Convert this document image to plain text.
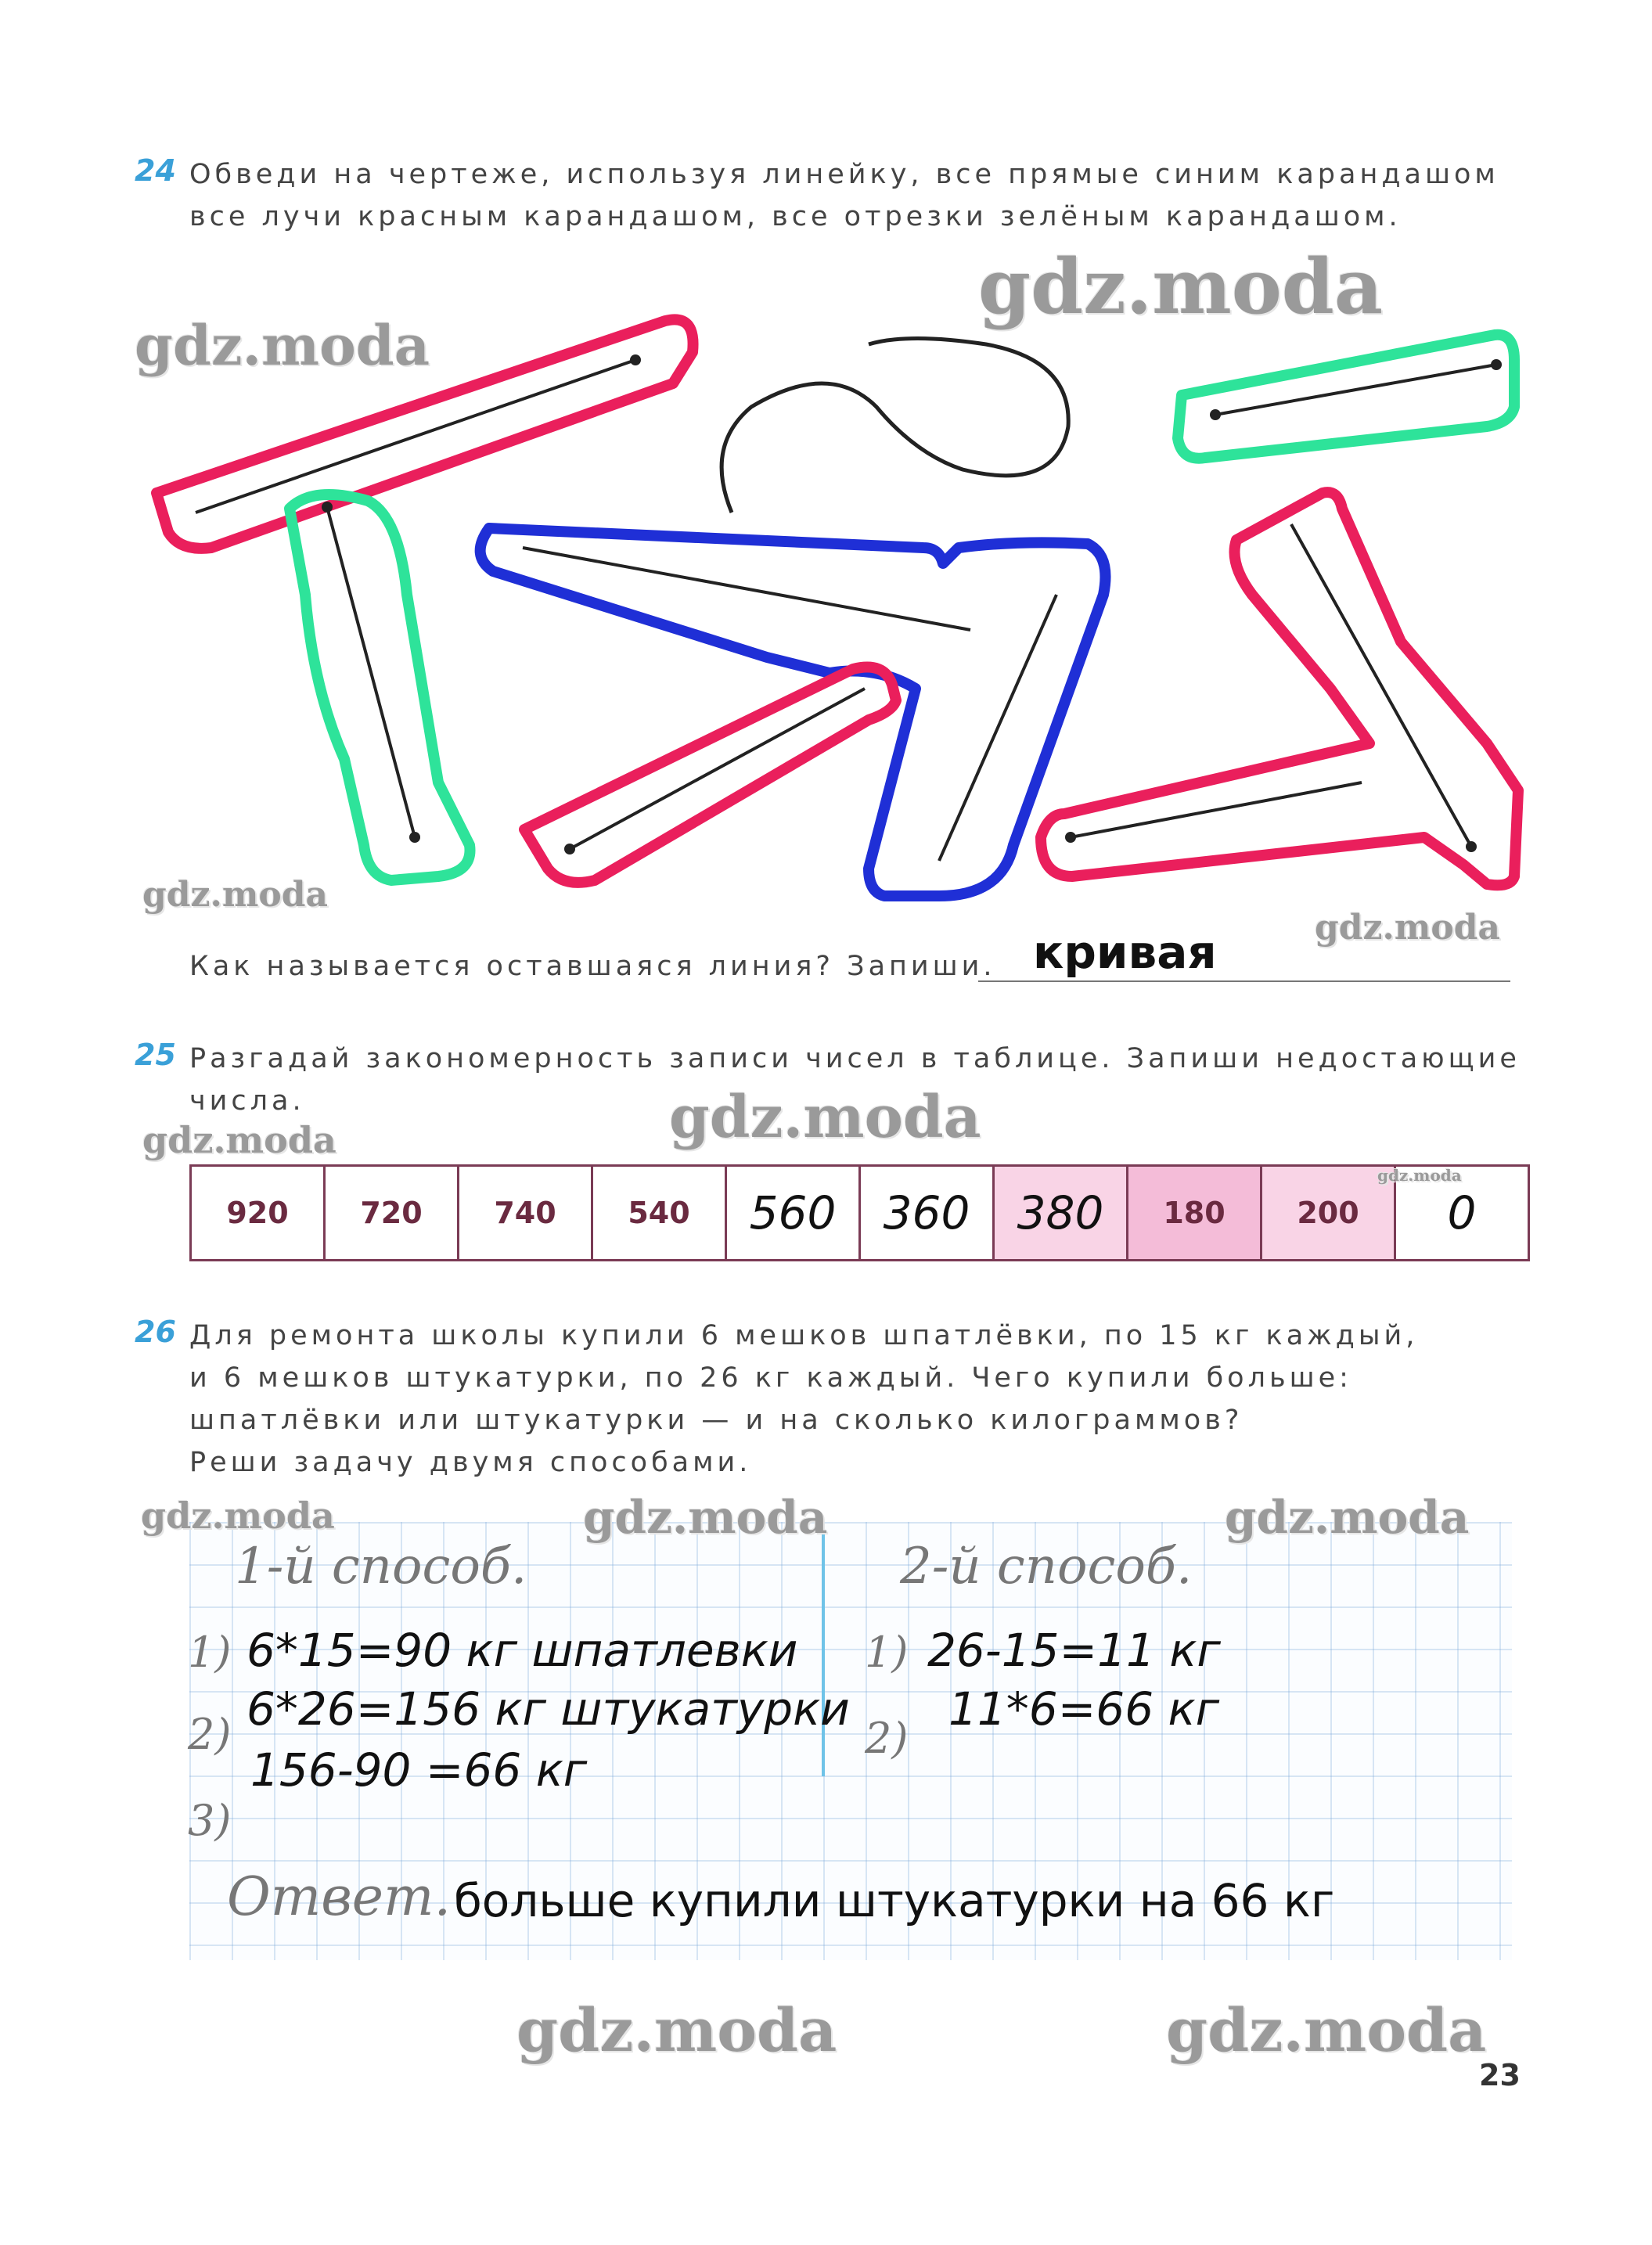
24 Обведи на чертеже, используя линейку, все прямые синим карандашом
все лучи красным карандашом, все отрезки зелёным карандашом.
Как называется оставшаяся линия? Запиши. кривая
25 Разгадай закономерность записи чисел в таблице. Запиши недостающие
числа.
920	720	740	540	560	360	380	180	200	0
26 Для ремонта школы купили 6 мешков шпатлёвки, по 15 кг каждый,
и 6 мешков штукатурки, по 26 кг каждый. Чего купили больше:
шпатлёвки или штукатурки — и на сколько килограммов?
Реши задачу двумя способами.
1-й способ.	2-й способ.
1) 6*15=90 кг шпатлевки
2) 6*26=156 кг штукатурки
3)
156-90 =66 кг
1) 26-15=11 кг
2)
11*6=66 кг
Ответ. больше купили штукатурки на 66 кг
23
gdz.moda
gdz.moda
gdz.moda
gdz.moda
gdz.moda
gdz.moda
gdz.moda
gdz.moda	gdz.moda	gdz.moda
gdz.moda	gdz.moda
